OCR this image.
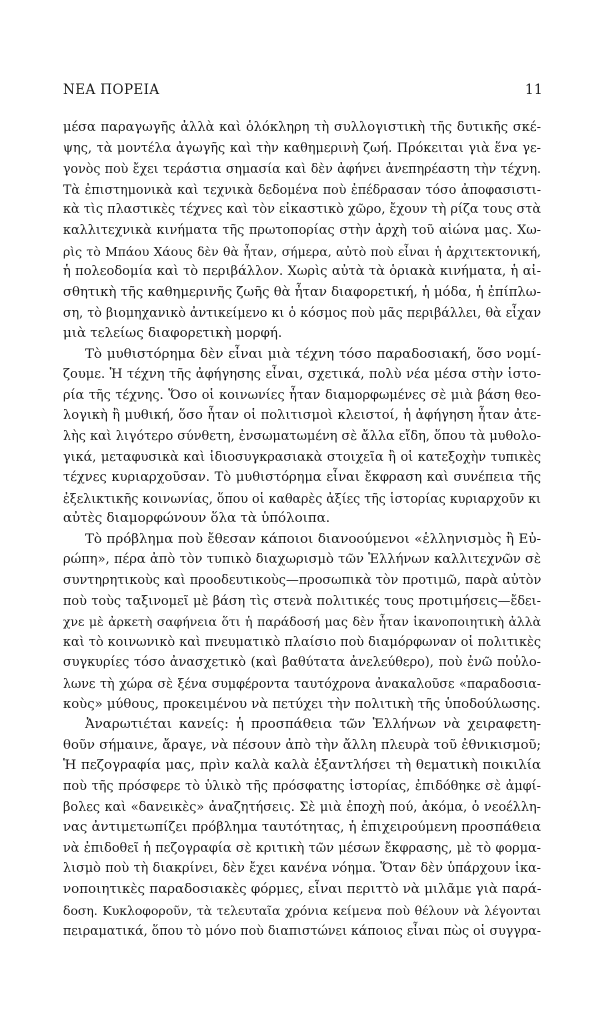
ΝΕΑ ΠΟΡΕΙΑ	11
μέσα παραγωγῆς ἀλλὰ καὶ ὁλόκληρη τὴ συλλογιστικὴ τῆς δυτικῆς σκέ-
ψης, τὰ μοντέλα ἀγωγῆς καὶ τὴν καθημερινὴ ζωή. Πρόκειται γιὰ ἕνα γε-
γονὸς ποὺ ἔχει τεράστια σημασία καὶ δὲν ἀφήνει ἀνεπηρέαστη τὴν τέχνη.
Τὰ ἐπιστημονικὰ καὶ τεχνικὰ δεδομένα ποὺ ἐπέδρασαν τόσο ἀποφασιστι-
κὰ τὶς πλαστικὲς τέχνες καὶ τὸν εἰκαστικὸ χῶρο, ἔχουν τὴ ρίζα τους στὰ
καλλιτεχνικὰ κινήματα τῆς πρωτοπορίας στὴν ἀρχὴ τοῦ αἰώνα μας. Χω-
ρὶς τὸ Μπάου Χάους δὲν θὰ ἦταν, σήμερα, αὐτὸ ποὺ εἶναι ἡ ἀρχιτεκτονική,
ἡ πολεοδομία καὶ τὸ περιβάλλον. Χωρὶς αὐτὰ τὰ ὁριακὰ κινήματα, ἡ αἰ-
σθητικὴ τῆς καθημερινῆς ζωῆς θὰ ἦταν διαφορετική, ἡ μόδα, ἡ ἐπίπλω-
ση, τὸ βιομηχανικὸ ἀντικείμενο κι ὁ κόσμος ποὺ μᾶς περιβάλλει, θὰ εἶχαν
μιὰ τελείως διαφορετικὴ μορφή.
Τὸ μυθιστόρημα δὲν εἶναι μιὰ τέχνη τόσο παραδοσιακή, ὅσο νομί-
ζουμε. Ἡ τέχνη τῆς ἀφήγησης εἶναι, σχετικά, πολὺ νέα μέσα στὴν ἱστο-
ρία τῆς τέχνης. Ὅσο οἱ κοινωνίες ἦταν διαμορφωμένες σὲ μιὰ βάση θεο-
λογικὴ ἢ μυθική, ὅσο ἦταν οἱ πολιτισμοὶ κλειστοί, ἡ ἀφήγηση ἦταν ἀτε-
λὴς καὶ λιγότερο σύνθετη, ἐνσωματωμένη σὲ ἄλλα εἴδη, ὅπου τὰ μυθολο-
γικά, μεταφυσικὰ καὶ ἰδιοσυγκρασιακὰ στοιχεῖα ἢ οἱ κατεξοχὴν τυπικὲς
τέχνες κυριαρχοῦσαν. Τὸ μυθιστόρημα εἶναι ἔκφραση καὶ συνέπεια τῆς
ἐξελικτικῆς κοινωνίας, ὅπου οἱ καθαρὲς ἀξίες τῆς ἱστορίας κυριαρχοῦν κι
αὐτὲς διαμορφώνουν ὅλα τὰ ὑπόλοιπα.
Τὸ πρόβλημα ποὺ ἔθεσαν κάποιοι διανοούμενοι «ἑλληνισμὸς ἢ Εὐ-
ρώπη», πέρα ἀπὸ τὸν τυπικὸ διαχωρισμὸ τῶν Ἑλλήνων καλλιτεχνῶν σὲ
συντηρητικοὺς καὶ προοδευτικοὺς—προσωπικὰ τὸν προτιμῶ, παρὰ αὐτὸν
ποὺ τοὺς ταξινομεῖ μὲ βάση τὶς στενὰ πολιτικές τους προτιμήσεις—ἔδει-
χνε μὲ ἀρκετὴ σαφήνεια ὅτι ἡ παράδοσή μας δὲν ἦταν ἱκανοποιητικὴ ἀλλὰ
καὶ τὸ κοινωνικὸ καὶ πνευματικὸ πλαίσιο ποὺ διαμόρφωναν οἱ πολιτικὲς
συγκυρίες τόσο ἀνασχετικὸ (καὶ βαθύτατα ἀνελεύθερο), ποὺ ἐνῶ ποὐλο-
λωνε τὴ χώρα σὲ ξένα συμφέροντα ταυτόχρονα ἀνακαλοῦσε «παραδοσια-
κοὺς» μύθους, προκειμένου νὰ πετύχει τὴν πολιτικὴ τῆς ὑποδούλωσης.
Ἀναρωτιέται κανείς: ἡ προσπάθεια τῶν Ἑλλήνων νὰ χειραφετη-
θοῦν σήμαινε, ἄραγε, νὰ πέσουν ἀπὸ τὴν ἄλλη πλευρὰ τοῦ ἐθνικισμοῦ;
Ἡ πεζογραφία μας, πρὶν καλὰ καλὰ ἐξαντλήσει τὴ θεματικὴ ποικιλία
ποὺ τῆς πρόσφερε τὸ ὑλικὸ τῆς πρόσφατης ἱστορίας, ἐπιδόθηκε σὲ ἀμφί-
βολες καὶ «δανεικὲς» ἀναζητήσεις. Σὲ μιὰ ἐποχὴ πού, ἀκόμα, ὁ νεοέλλη-
νας ἀντιμετωπίζει πρόβλημα ταυτότητας, ἡ ἐπιχειρούμενη προσπάθεια
νὰ ἐπιδοθεῖ ἡ πεζογραφία σὲ κριτικὴ τῶν μέσων ἔκφρασης, μὲ τὸ φορμα-
λισμὸ ποὺ τὴ διακρίνει, δὲν ἔχει κανένα νόημα. Ὅταν δὲν ὑπάρχουν ἱκα-
νοποιητικὲς παραδοσιακὲς φόρμες, εἶναι περιττὸ νὰ μιλᾶμε γιὰ παρά-
δοση. Κυκλοφοροῦν, τὰ τελευταῖα χρόνια κείμενα ποὺ θέλουν νὰ λέγονται
πειραματικά, ὅπου τὸ μόνο ποὺ διαπιστώνει κάποιος εἶναι πὼς οἱ συγγρα-
